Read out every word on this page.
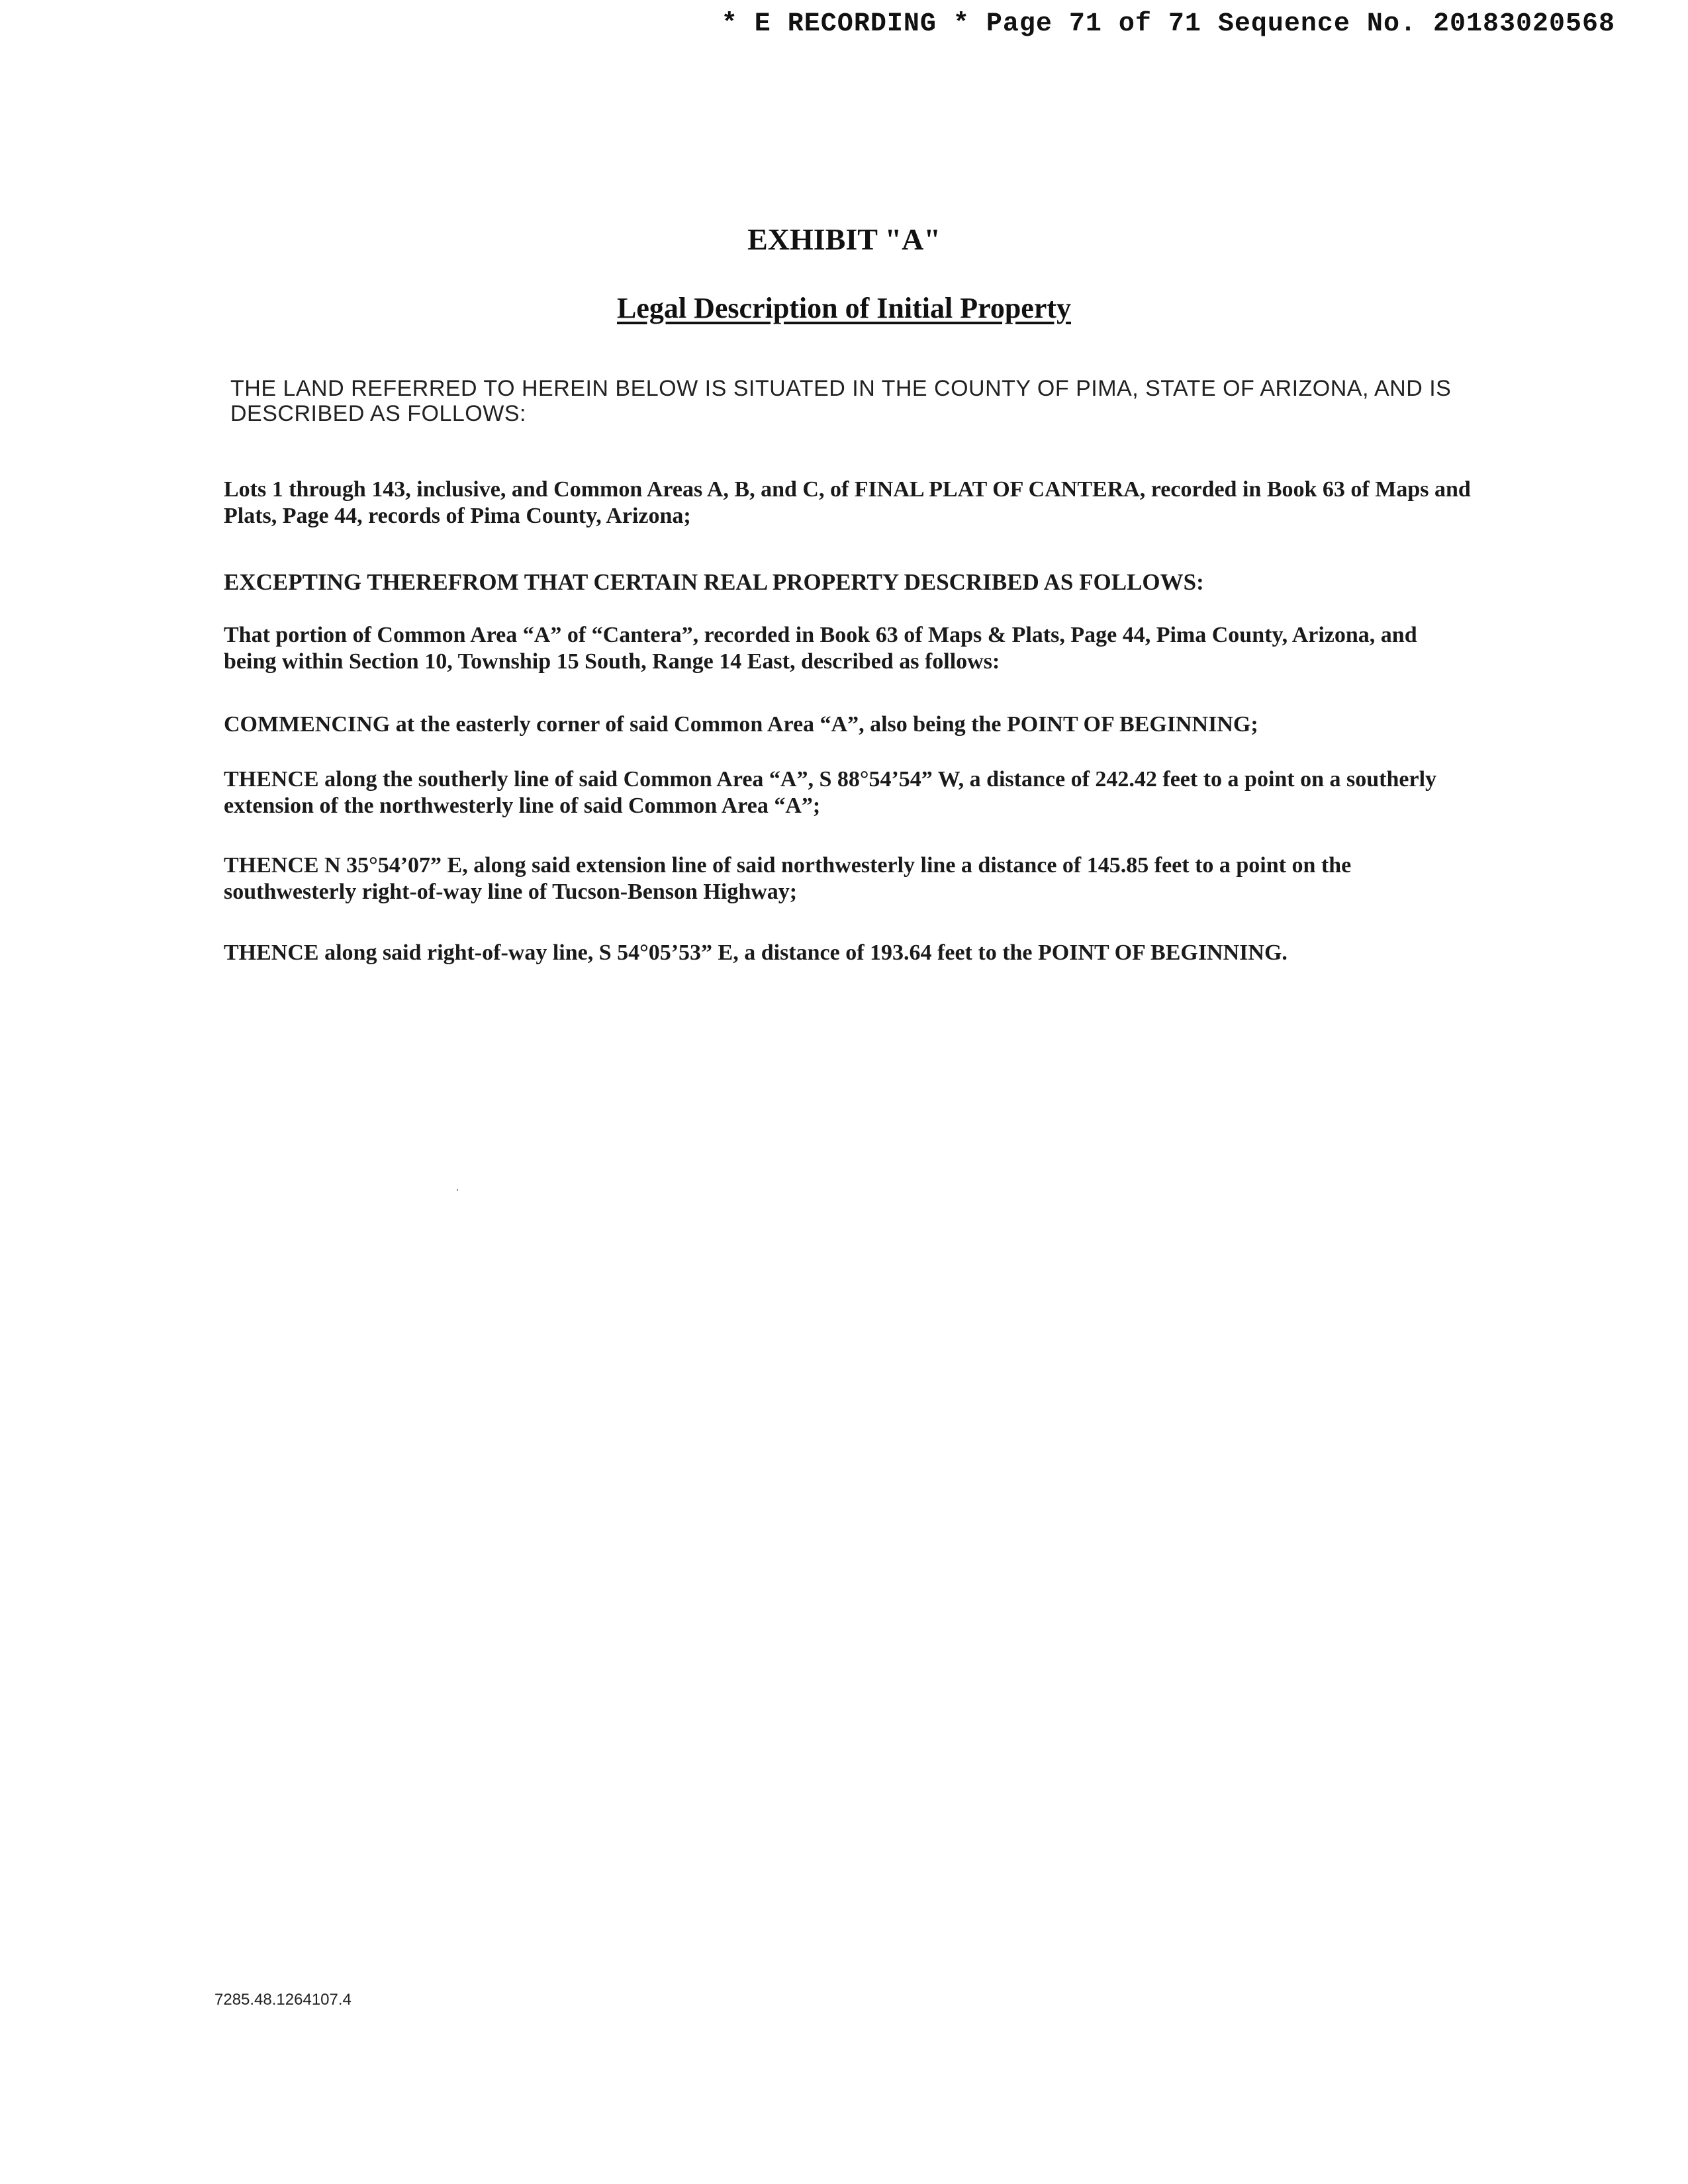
* E RECORDING * Page 71 of 71 Sequence No. 20183020568
EXHIBIT "A"
Legal Description of Initial Property
THE LAND REFERRED TO HEREIN BELOW IS SITUATED IN THE COUNTY OF PIMA, STATE OF ARIZONA, AND IS DESCRIBED AS FOLLOWS:
Lots 1 through 143, inclusive, and Common Areas A, B, and C, of FINAL PLAT OF CANTERA, recorded in Book 63 of Maps and Plats, Page 44, records of Pima County, Arizona;
EXCEPTING THEREFROM THAT CERTAIN REAL PROPERTY DESCRIBED AS FOLLOWS:
That portion of Common Area “A” of “Cantera”, recorded in Book 63 of Maps & Plats, Page 44, Pima County, Arizona, and being within Section 10, Township 15 South, Range 14 East, described as follows:
COMMENCING at the easterly corner of said Common Area “A”, also being the POINT OF BEGINNING;
THENCE along the southerly line of said Common Area “A”, S 88°54’54” W, a distance of 242.42 feet to a point on a southerly extension of the northwesterly line of said Common Area “A”;
THENCE N 35°54’07” E, along said extension line of said northwesterly line a distance of 145.85 feet to a point on the southwesterly right-of-way line of Tucson-Benson Highway;
THENCE along said right-of-way line, S 54°05’53” E, a distance of 193.64 feet to the POINT OF BEGINNING.
7285.48.1264107.4
